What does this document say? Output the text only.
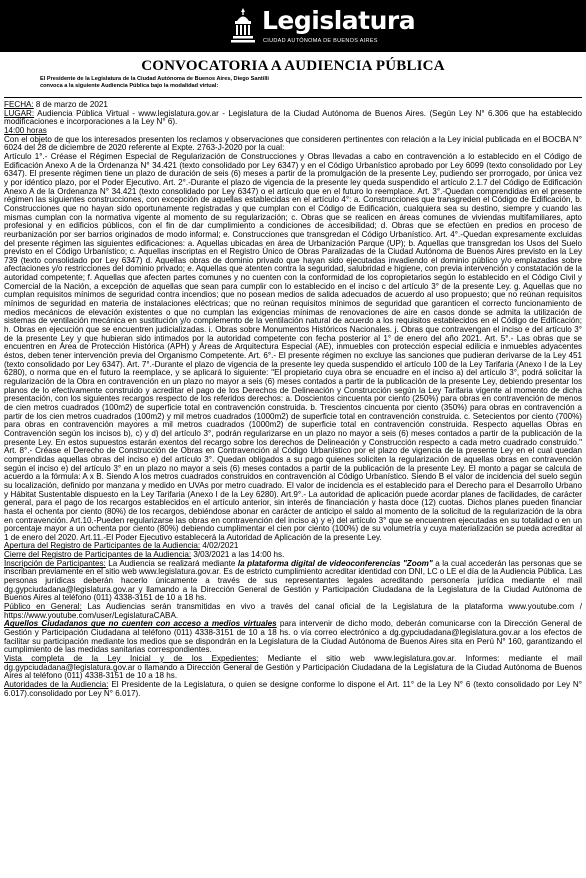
Legislatura
CIUDAD AUTÓNOMA DE BUENOS AIRES
CONVOCATORIA A AUDIENCIA PÚBLICA
El Presidente de la Legislatura de la Ciudad Autónoma de Buenos Aires, Diego Santilli
convoca a la siguiente Audiencia Pública bajo la modalidad virtual:

FECHA: 8 de marzo de 2021

LUGAR: Audiencia Pública Virtual - www.legislatura.gov.ar - Legislatura de la Ciudad Autónoma de Buenos Aires. (Según Ley N° 6.306 que ha establecido modificaciones e incorporaciones a la Ley N° 6).

14:00 horas

Con el objeto de que los interesados presenten los reclamos y observaciones que consideren pertinentes con relación a la Ley inicial publicada en el BOCBA N° 6024 del 28 de diciembre de 2020 referente al Expte. 2763-J-2020 por la cual:

Artículo 1°.- Créase el Régimen Especial de Regularización de Construcciones y Obras llevadas a cabo en contravención a lo establecido en el Código de Edificación Anexo A de la Ordenanza N° 34.421 (texto consolidado por Ley 6347) y en el Código Urbanístico aprobado por Ley 6099 (texto consolidado por Ley 6347). El presente régimen tiene un plazo de duración de seis (6) meses a partir de la promulgación de la presente Ley, pudiendo ser prorrogado, por única vez y por idéntico plazo, por el Poder Ejecutivo. Art. 2°.-Durante el plazo de vigencia de la presente ley queda suspendido el artículo 2.1.7 del Código de Edificación Anexo A de la Ordenanza N° 34.421 (texto consolidado por Ley 6347) o el artículo que en el futuro lo reemplace. Art. 3°.-Quedan comprendidas en el presente régimen las siguientes construcciones, con excepción de aquellas establecidas en el artículo 4°: a. Construcciones que transgreden el Código de Edificación, b. Construcciones que no hayan sido oportunamente registradas y que cumplan con el Código de Edificación, cualquiera sea su destino, siempre y cuando las mismas cumplan con la normativa vigente al momento de su regularización; c. Obras que se realicen en áreas comunes de viviendas multifamiliares, apto profesional y en edificios públicos, con el fin de dar cumplimiento a condiciones de accesibilidad; d. Obras que se efectúen en predios en proceso de reurbanización por ser barrios originados de modo informal; e. Construcciones que transgredan el Código Urbanístico. Art. 4°.-Quedan expresamente excluidas del presente régimen las siguientes edificaciones: a. Aquellas ubicadas en área de Urbanización Parque (UP); b. Aquellas que transgredan los Usos del Suelo previsto en el Código Urbanístico; c. Aquellas inscriptas en el Registro Único de Obras Paralizadas de la Ciudad Autónoma de Buenos Aires previsto en la Ley 739 (texto consolidado por Ley 6347) d. Aquellas obras de dominio privado que hayan sido ejecutadas invadiendo el dominio público y/o emplazadas sobre afectaciones y/o restricciones del dominio privado; e. Aquellas que atenten contra la seguridad, salubridad e higiene, con previa intervención y constatación de la autoridad competente; f. Aquellas que afecten partes comunes y no cuenten con la conformidad de los copropietarios según lo establecido en el Código Civil y Comercial de la Nación, a excepción de aquellas que sean para cumplir con lo establecido en el inciso c del artículo 3° de la presente Ley. g. Aquellas que no cumplan requisitos mínimos de seguridad contra incendios; que no posean medios de salida adecuados de acuerdo al uso propuesto; que no reúnan requisitos mínimos de seguridad en materia de instalaciones eléctricas; que no reúnan requisitos mínimos de seguridad que garanticen el correcto funcionamiento de medios mecánicos de elevación existentes o que no cumplan las exigencias mínimas de renovaciones de aire en casos donde se admita la utilización de sistemas de ventilación mecánica en sustitución y/o complemento de la ventilación natural de acuerdo a los requisitos establecidos en el Código de Edificación; h. Obras en ejecución que se encuentren judicializadas. i. Obras sobre Monumentos Históricos Nacionales. j. Obras que contravengan el inciso e del artículo 3° de la presente Ley y que hubieran sido intimados por la autoridad competente con fecha posterior al 1° de enero del año 2021. Art. 5°.- Las obras que se encuentren en Área de Protección Histórica (APH) y Áreas de Arquitectura Especial (AE), inmuebles con protección especial edilicia e inmuebles adyacentes éstos, deben tener intervención previa del Organismo Competente. Art. 6°.- El presente régimen no excluye las sanciones que pudieran derivarse de la Ley 451 (texto consolidado por Ley 6347). Art. 7°.-Durante el plazo de vigencia de la presente ley queda suspendido el artículo 100 de la Ley Tarifaria (Anexo I de la Ley 6280), o norma que en el futuro la reemplace, y se aplicará lo siguiente: "El propietario cuya obra se encuadre en el inciso a) del artículo 3°, podrá solicitar la regularización de la Obra en contravención en un plazo no mayor a seis (6) meses contados a partir de la publicación de la presente Ley, debiendo presentar los planos de lo efectivamente construido y acreditar el pago de los Derechos de Delineación y Construcción según la Ley Tarifaria vigente al momento de dicha presentación, con los siguientes recargos respecto de los referidos derechos: a. Doscientos cincuenta por ciento (250%) para obras en contravención de menos de cien metros cuadrados (100m2) de superficie total en contravención construida. b. Trescientos cincuenta por ciento (350%) para obras en contravención a partir de los cien metros cuadrados (100m2) y mil metros cuadrados (1000m2) de superficie total en contravención construida. c. Setecientos por ciento (700%) para obras en contravención mayores a mil metros cuadrados (1000m2) de superficie total en contravención construida. Respecto aquellas Obras en Contravención según los incisos b), c) y d) del artículo 3°, podrán regularizarse en un plazo no mayor a seis (6) meses contados a partir de la publicación de la presente Ley. En estos supuestos estarán exentos del recargo sobre los derechos de Delineación y Construcción respecto a cada metro cuadrado construido." Art. 8°.- Créase el Derecho de Construcción de Obras en Contravención al Código Urbanístico por el plazo de vigencia de la presente Ley en el cual quedan comprendidas aquellas obras del inciso e) del artículo 3°. Quedan obligados a su pago quienes soliciten la regularización de aquellas obras en contravención según el inciso e) del artículo 3° en un plazo no mayor a seis (6) meses contados a partir de la publicación de la presente Ley. El monto a pagar se calcula de acuerdo a la fórmula: A x B. Siendo A los metros cuadrados construidos en contravención al Código Urbanístico. Siendo B el valor de incidencia del suelo según su localización, definido por manzana y medido en UVAs por metro cuadrado. El valor de incidencia es el establecido para el Derecho para el Desarrollo Urbano y Hábitat Sustentable dispuesto en la Ley Tarifaria (Anexo I de la Ley 6280). Art.9°.- La autoridad de aplicación puede acordar planes de facilidades, de carácter general, para el pago de los recargos establecidos en el artículo anterior, sin interés de financiación y hasta doce (12) cuotas. Dichos planes pueden financiar hasta el ochenta por ciento (80%) de los recargos, debiéndose abonar en carácter de anticipo el saldo al momento de la solicitud de la regularización de la obra en contravención. Art.10.-Pueden regularizarse las obras en contravención del inciso a) y e) del artículo 3° que se encuentren ejecutadas en su totalidad o en un porcentaje mayor a un ochenta por ciento (80%) debiendo cumplimentar el cien por ciento (100%) de su volumetría y cuya materialización se pueda acreditar al 1 de enero del 2020. Art.11.-El Poder Ejecutivo establecerá la Autoridad de Aplicación de la presente Ley.

Apertura del Registro de Participantes de la Audiencia: 4/02/2021

Cierre del Registro de Participantes de la Audiencia: 3/03/2021 a las 14:00 hs.

Inscripción de Participantes: La Audiencia se realizará mediante la plataforma digital de videoconferencias "Zoom" a la cual accederán las personas que se inscriban previamente en el sitio web www.legislatura.gov.ar. Es de estricto cumplimiento acreditar identidad con DNI, LC o LE el día de la Audiencia Pública. Las personas jurídicas deberán hacerlo únicamente a través de sus representantes legales acreditando personería jurídica mediante el mail dg.gypciudadana@legislatura.gov.ar y llamando a la Dirección General de Gestión y Participación Ciudadana de la Legislatura de la Ciudad Autónoma de Buenos Aires al teléfono (011) 4338-3151 de 10 a 18 hs.

Público en General: Las Audiencias serán transmitidas en vivo a través del canal oficial de la Legislatura de la plataforma www.youtube.com / https://www.youtube.com/user/LegislaturaCABA.

Aquellos Ciudadanos que no cuenten con acceso a medios virtuales para intervenir de dicho modo, deberán comunicarse con la Dirección General de Gestión y Participación Ciudadana al teléfono (011) 4338-3151 de 10 a 18 hs. o vía correo electrónico a dg.gypciudadana@legislatura.gov.ar a los efectos de facilitar su participación mediante los medios que se dispondrán en la Legislatura de la Ciudad Autónoma de Buenos Aires sita en Perú N° 160, garantizando el cumplimiento de las medidas sanitarias correspondientes.

Vista completa de la Ley Inicial y de los Expedientes: Mediante el sitio web www.legislatura.gov.ar. Informes: mediante el mail dg.gypciudadana@legislatura.gov.ar o llamando a Dirección General de Gestión y Participación Ciudadana de la Legislatura de la Ciudad Autónoma de Buenos Aires al teléfono (011) 4338-3151 de 10 a 18 hs.

Autoridades de la Audiencia: El Presidente de la Legislatura, o quien se designe conforme lo dispone el Art. 11° de la Ley N° 6 (texto consolidado por Ley N° 6.017).consolidado por Ley N° 6.017).
